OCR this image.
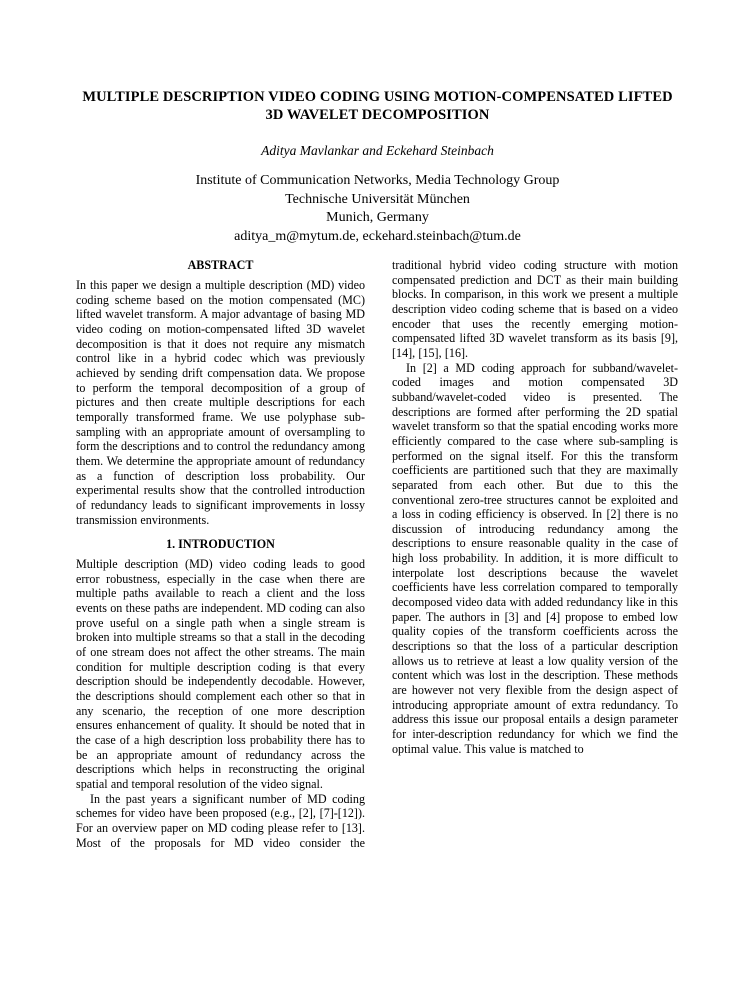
MULTIPLE DESCRIPTION VIDEO CODING USING MOTION-COMPENSATED LIFTED
3D WAVELET DECOMPOSITION
Aditya Mavlankar and Eckehard Steinbach
Institute of Communication Networks, Media Technology Group
Technische Universität München
Munich, Germany
aditya_m@mytum.de, eckehard.steinbach@tum.de
ABSTRACT

In this paper we design a multiple description (MD) video coding scheme based on the motion compensated (MC) lifted wavelet transform. A major advantage of basing MD video coding on motion-compensated lifted 3D wavelet decomposition is that it does not require any mismatch control like in a hybrid codec which was previously achieved by sending drift compensation data. We propose to perform the temporal decomposition of a group of pictures and then create multiple descriptions for each temporally transformed frame. We use polyphase sub-sampling with an appropriate amount of oversampling to form the descriptions and to control the redundancy among them. We determine the appropriate amount of redundancy as a function of description loss probability. Our experimental results show that the controlled introduction of redundancy leads to significant improvements in lossy transmission environments.

1. INTRODUCTION

Multiple description (MD) video coding leads to good error robustness, especially in the case when there are multiple paths available to reach a client and the loss events on these paths are independent. MD coding can also prove useful on a single path when a single stream is broken into multiple streams so that a stall in the decoding of one stream does not affect the other streams. The main condition for multiple description coding is that every description should be independently decodable. However, the descriptions should complement each other so that in any scenario, the reception of one more description ensures enhancement of quality. It should be noted that in the case of a high description loss probability there has to be an appropriate amount of redundancy across the descriptions which helps in reconstructing the original spatial and temporal resolution of the video signal.

In the past years a significant number of MD coding schemes for video have been proposed (e.g., [2], [7]-[12]). For an overview paper on MD coding please refer to [13]. Most of the proposals for MD video consider the

traditional hybrid video coding structure with motion compensated prediction and DCT as their main building blocks. In comparison, in this work we present a multiple description video coding scheme that is based on a video encoder that uses the recently emerging motion-compensated lifted 3D wavelet transform as its basis [9], [14], [15], [16].

In [2] a MD coding approach for subband/wavelet-coded images and motion compensated 3D subband/wavelet-coded video is presented. The descriptions are formed after performing the 2D spatial wavelet transform so that the spatial encoding works more efficiently compared to the case where sub-sampling is performed on the signal itself. For this the transform coefficients are partitioned such that they are maximally separated from each other. But due to this the conventional zero-tree structures cannot be exploited and a loss in coding efficiency is observed. In [2] there is no discussion of introducing redundancy among the descriptions to ensure reasonable quality in the case of high loss probability. In addition, it is more difficult to interpolate lost descriptions because the wavelet coefficients have less correlation compared to temporally decomposed video data with added redundancy like in this paper. The authors in [3] and [4] propose to embed low quality copies of the transform coefficients across the descriptions so that the loss of a particular description allows us to retrieve at least a low quality version of the content which was lost in the description. These methods are however not very flexible from the design aspect of introducing appropriate amount of extra redundancy. To address this issue our proposal entails a design parameter for inter-description redundancy for which we find the optimal value. This value is matched to
